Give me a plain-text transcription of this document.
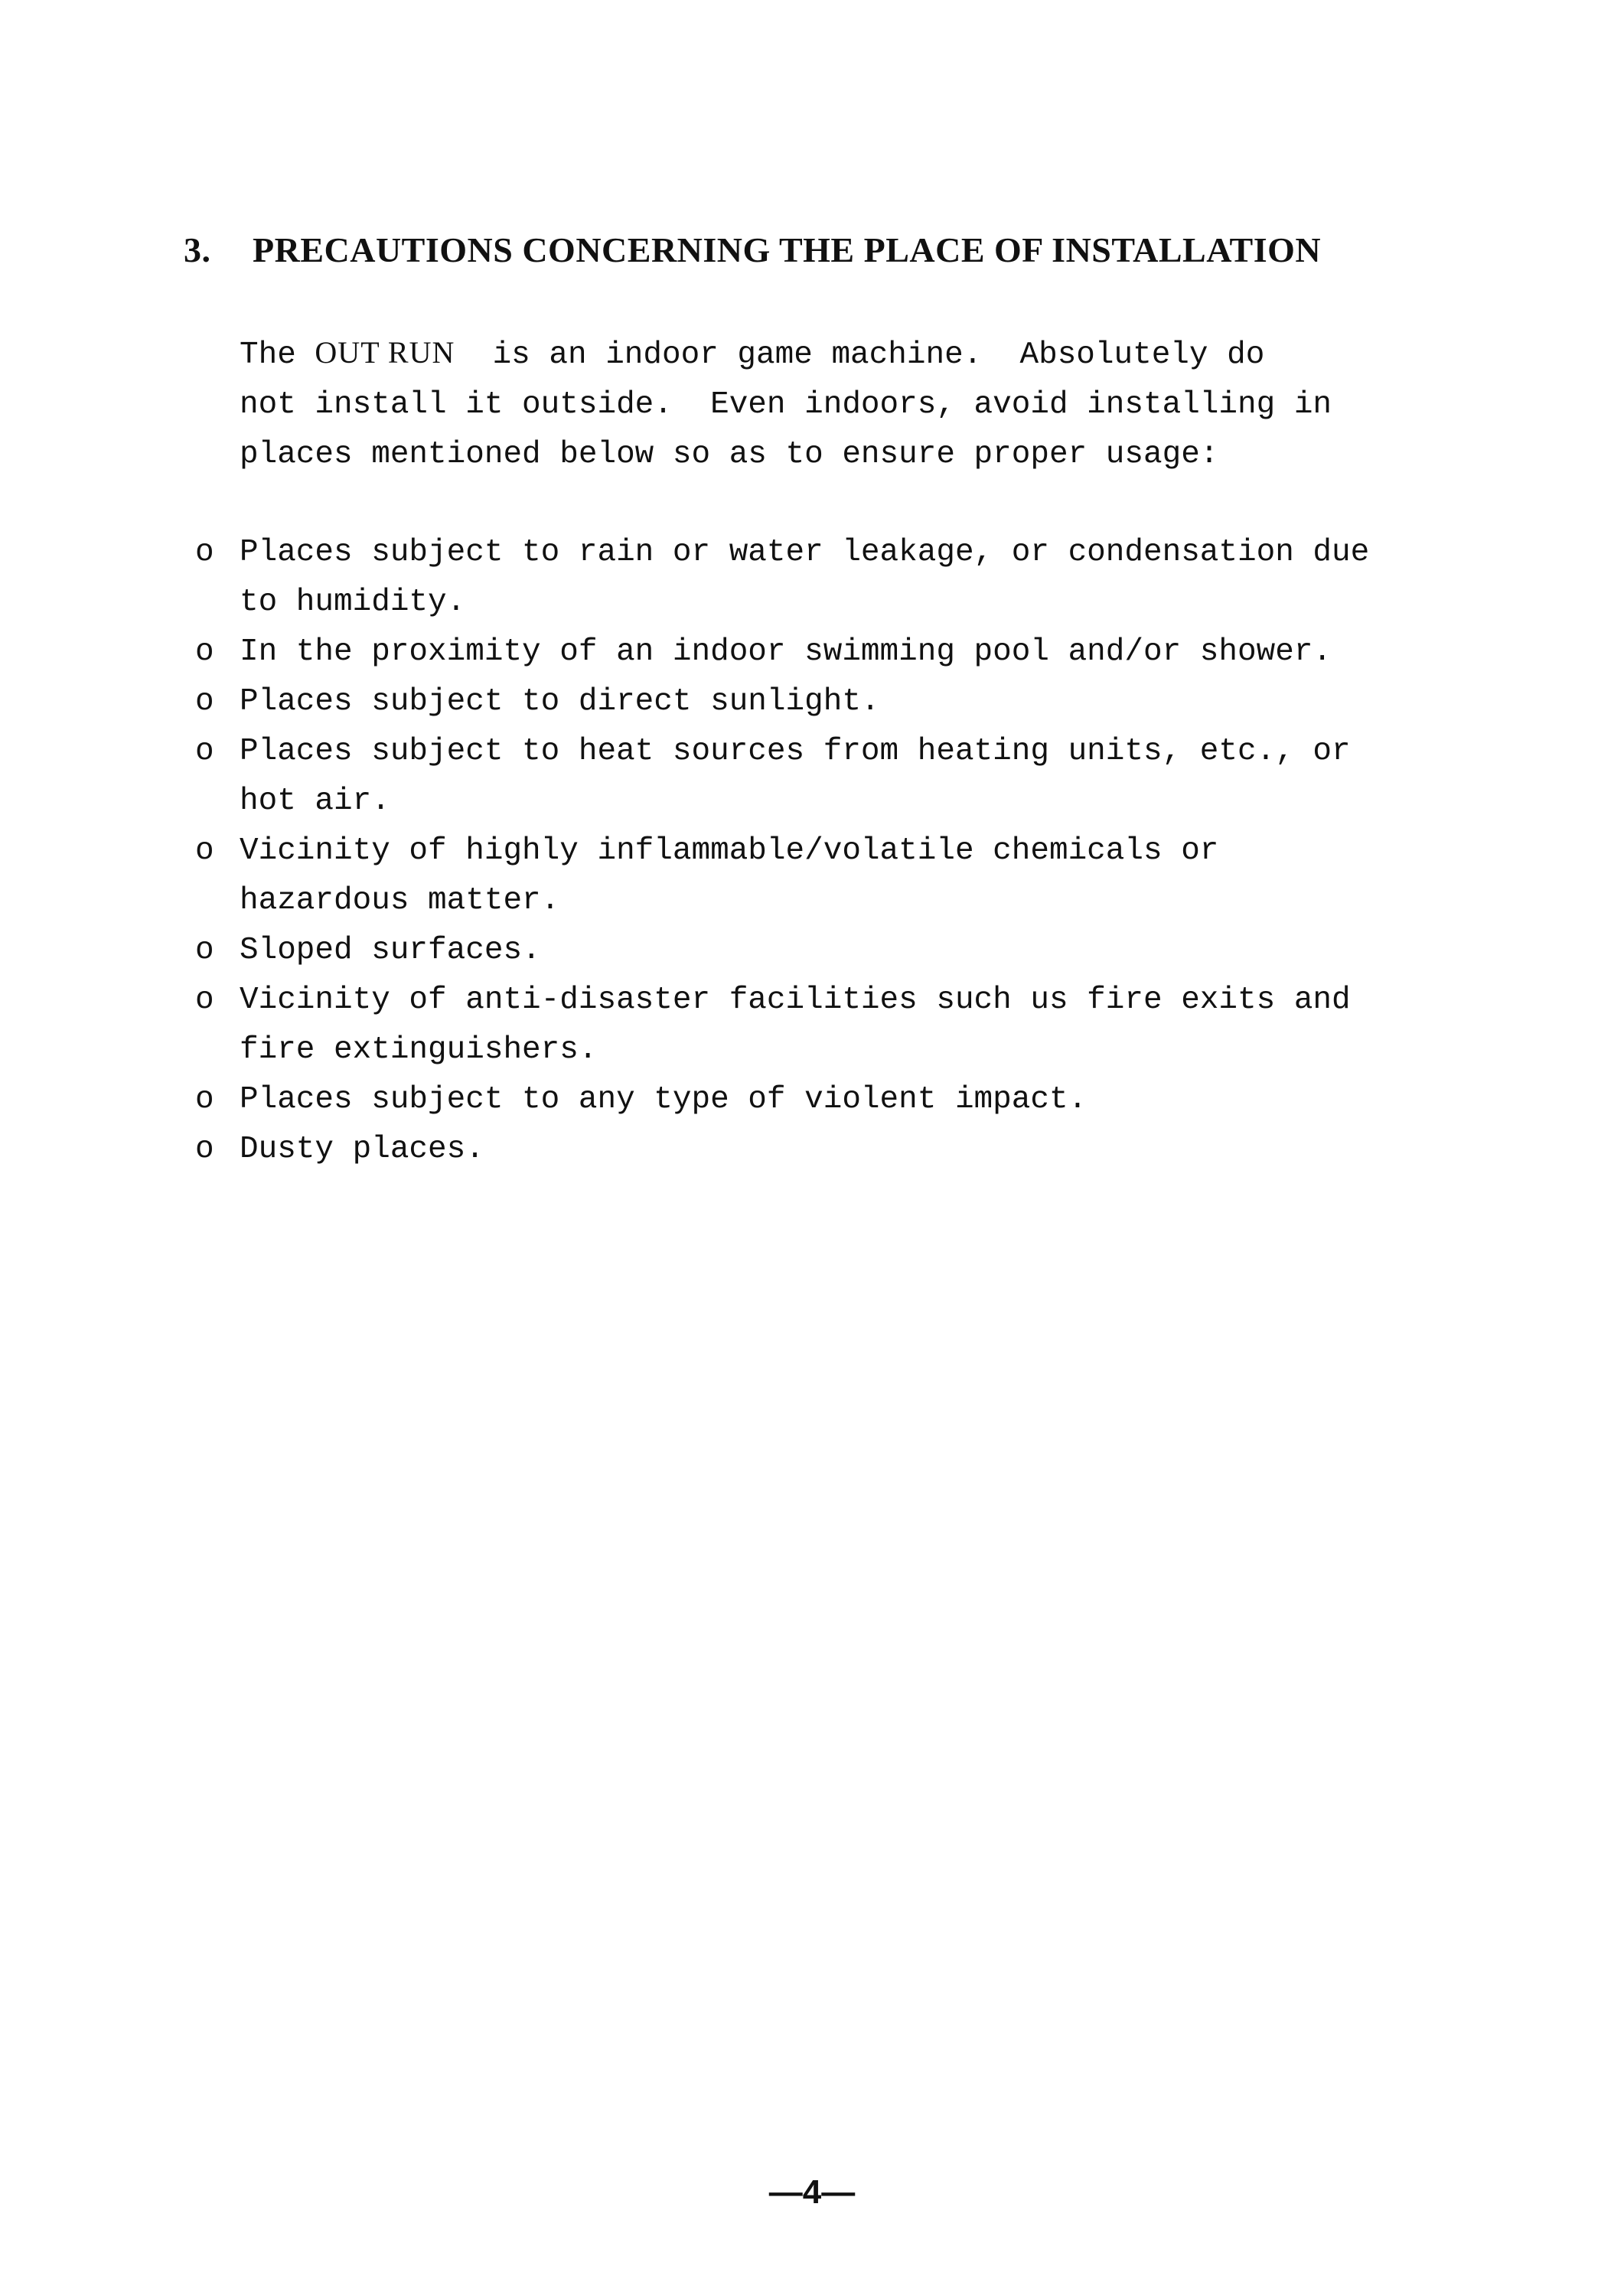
3. PRECAUTIONS CONCERNING THE PLACE OF INSTALLATION
The OUT RUN  is an indoor game machine.  Absolutely do
not install it outside.  Even indoors, avoid installing in
places mentioned below so as to ensure proper usage:
o Places subject to rain or water leakage, or condensation due
to humidity.
o In the proximity of an indoor swimming pool and/or shower.
o Places subject to direct sunlight.
o Places subject to heat sources from heating units, etc., or
hot air.
o Vicinity of highly inflammable/volatile chemicals or
hazardous matter.
o Sloped surfaces.
o Vicinity of anti-disaster facilities such us fire exits and
fire extinguishers.
o Places subject to any type of violent impact.
o Dusty places.
—4—
